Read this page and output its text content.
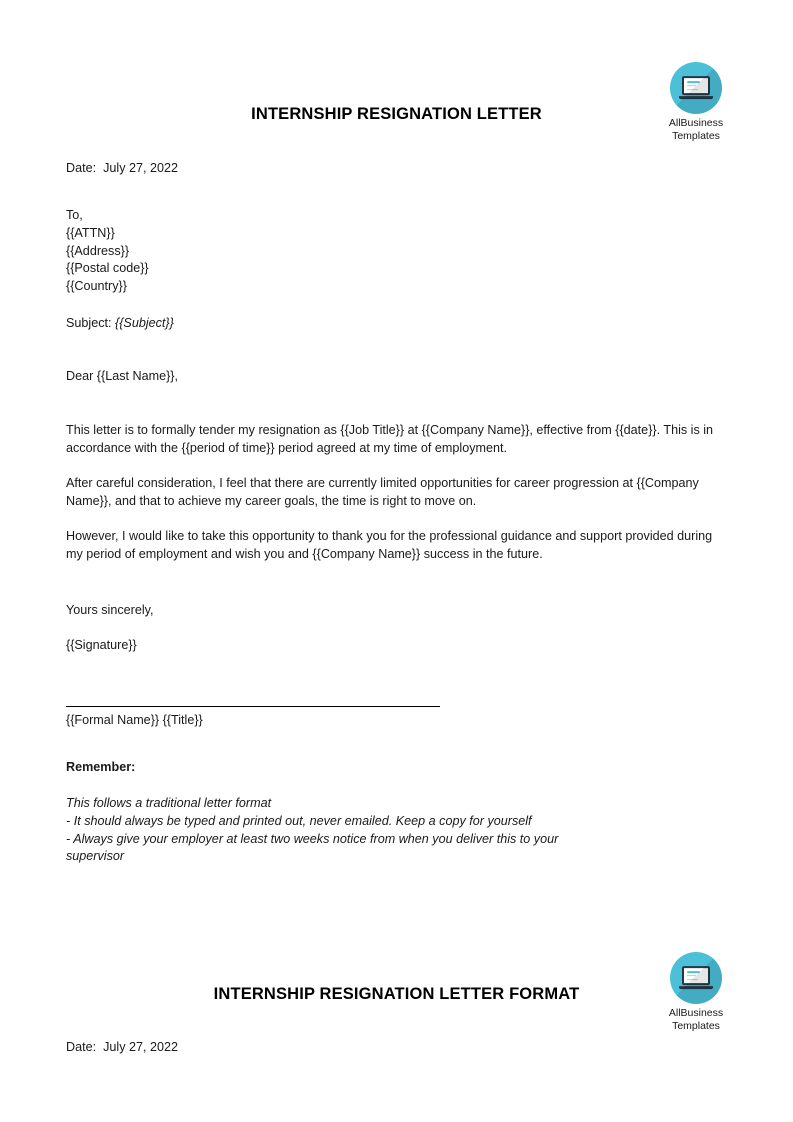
AllBusiness
Templates
INTERNSHIP RESIGNATION LETTER
Date: July 27, 2022
To,
{{ATTN}}
{{Address}}
{{Postal code}}
{{Country}}
Subject: {{Subject}}
Dear {{Last Name}},

This letter is to formally tender my resignation as {{Job Title}} at {{Company Name}}, effective from {{date}}. This is in accordance with the {{period of time}} period agreed at my time of employment.

After careful consideration, I feel that there are currently limited opportunities for career progression at {{Company Name}}, and that to achieve my career goals, the time is right to move on.

However, I would like to take this opportunity to thank you for the professional guidance and support provided during my period of employment and wish you and {{Company Name}} success in the future.

Yours sincerely,
{{Signature}}
{{Formal Name}} {{Title}}
Remember:

This follows a traditional letter format

- It should always be typed and printed out, never emailed. Keep a copy for yourself

- Always give your employer at least two weeks notice from when you deliver this to your supervisor

AllBusiness
Templates
INTERNSHIP RESIGNATION LETTER FORMAT
Date: July 27, 2022
